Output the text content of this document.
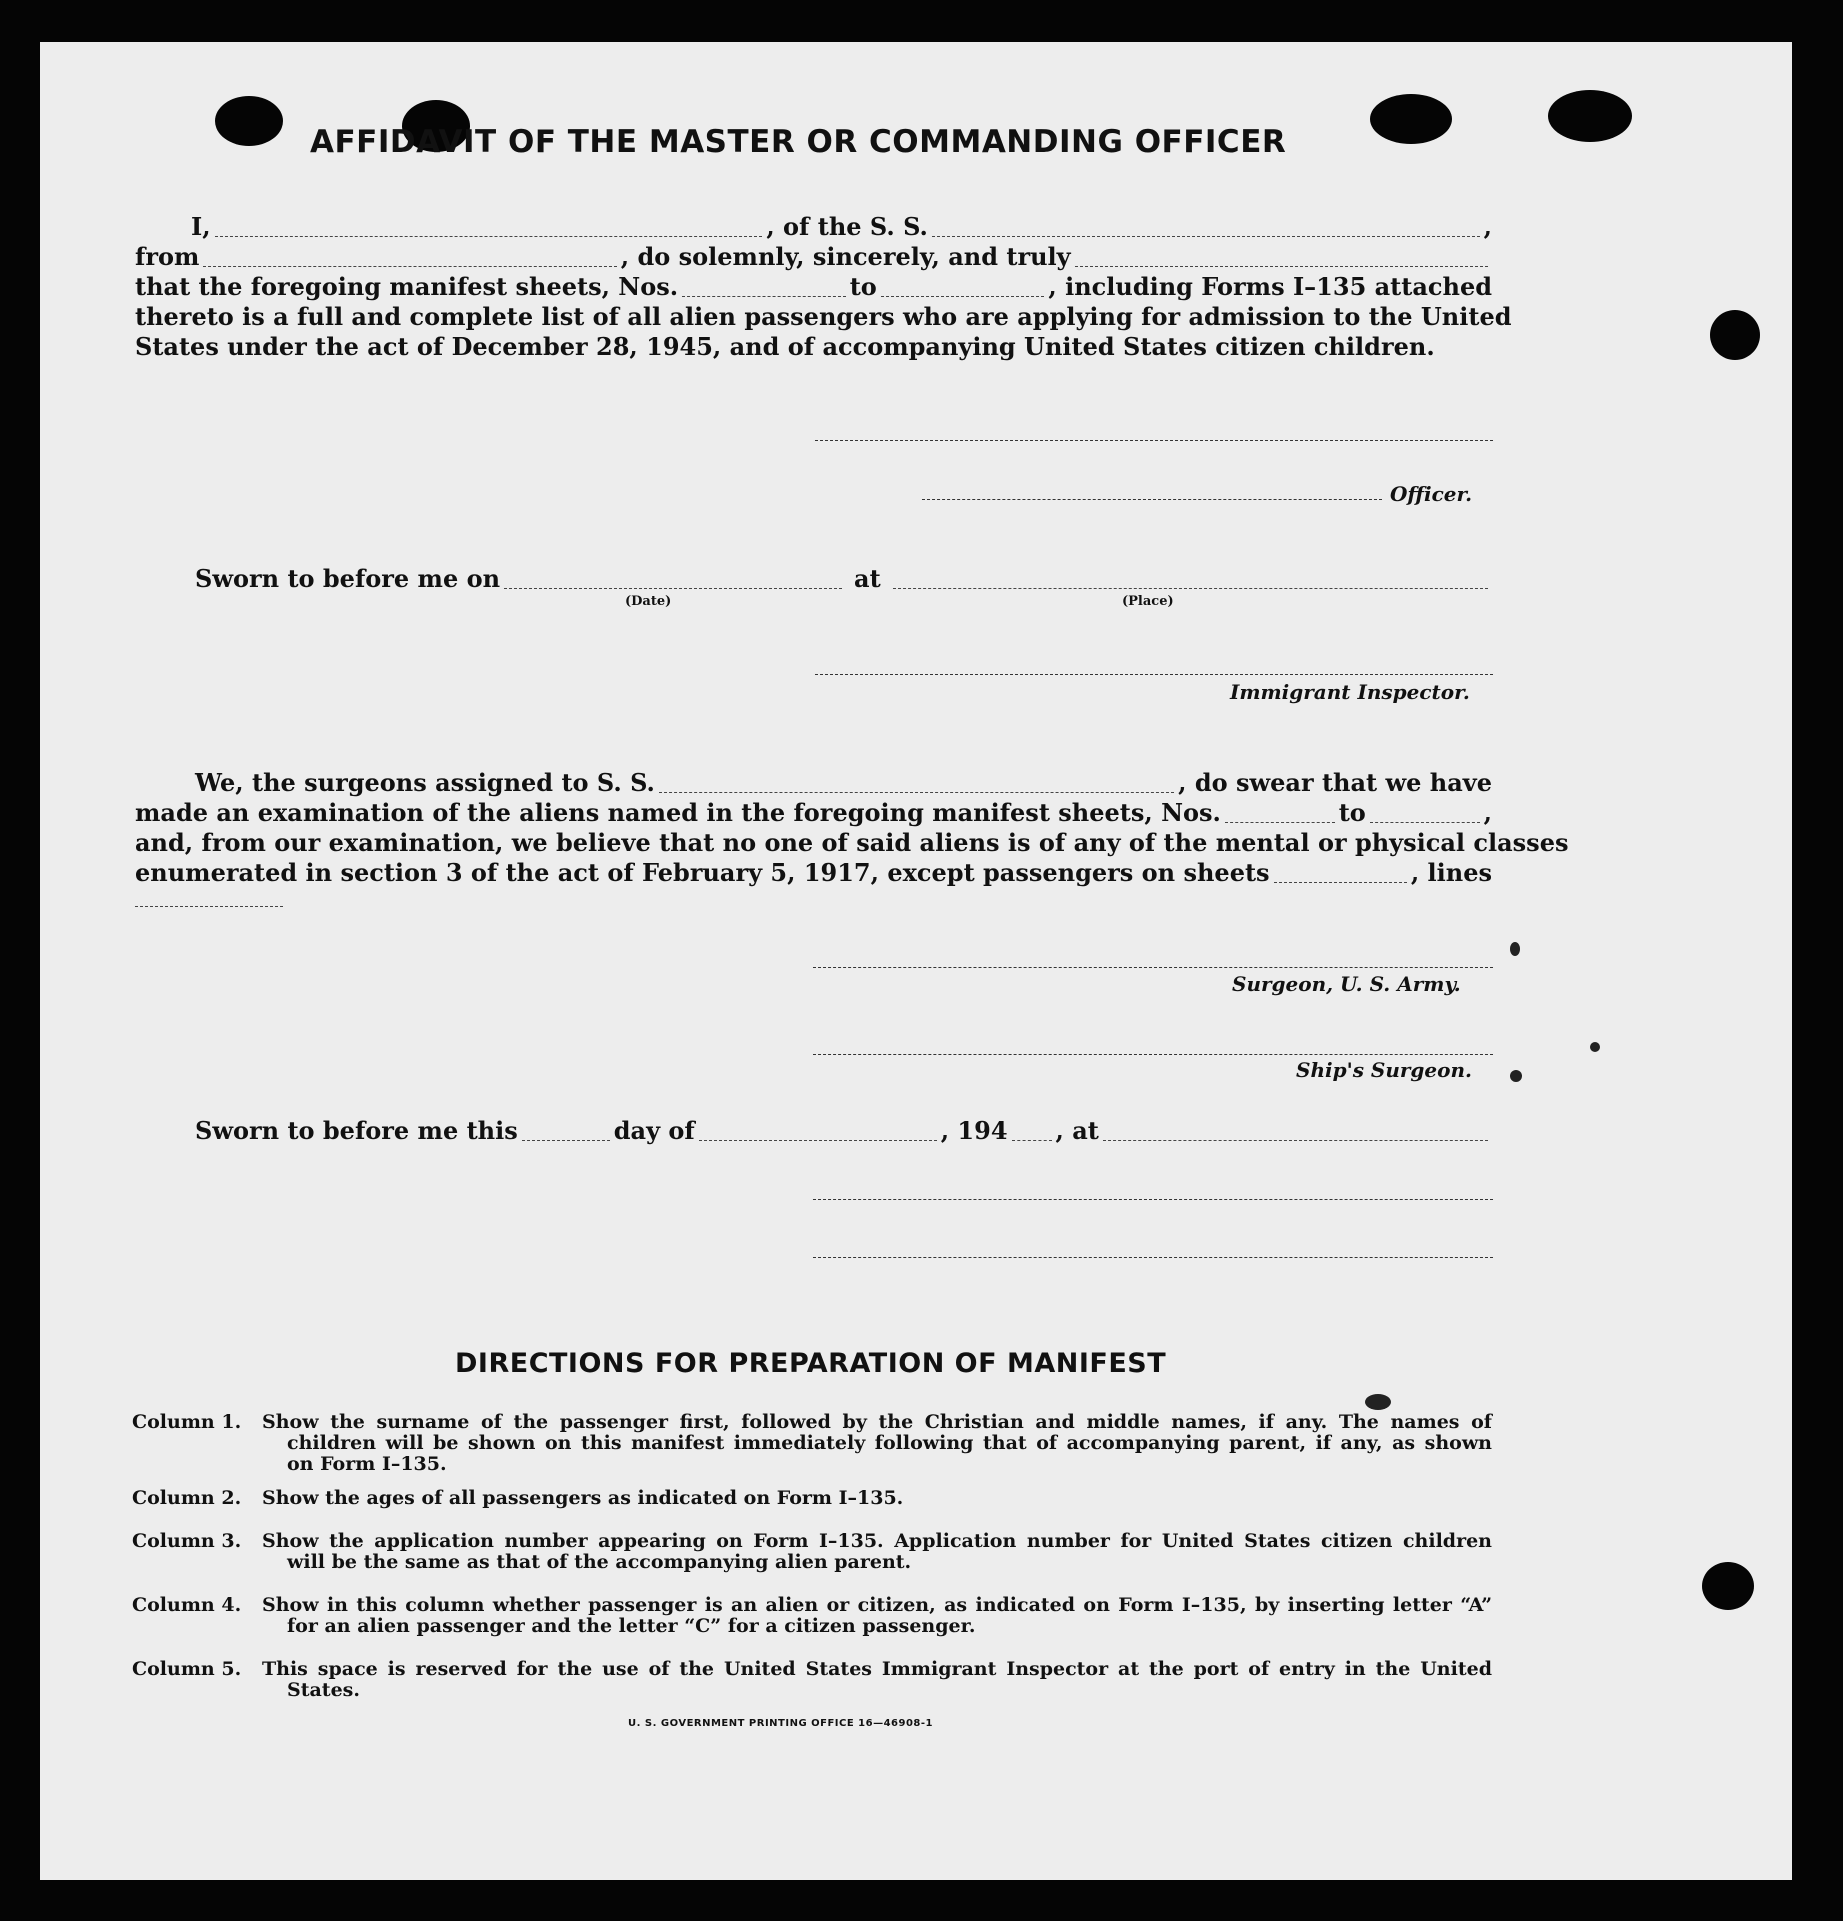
AFFIDAVIT OF THE MASTER OR COMMANDING OFFICER
I,	, of the S. S.	,
from	, do solemnly, sincerely, and truly
that the foregoing manifest sheets, Nos.	to	, including Forms I–135 attached
thereto is a full and complete list of all alien passengers who are applying for admission to the United
States under the act of December 28, 1945, and of accompanying United States citizen children.
Officer.
Sworn to before me on	at
(Date)	(Place)
Immigrant Inspector.
We, the surgeons assigned to S. S.	, do swear that we have
made an examination of the aliens named in the foregoing manifest sheets, Nos.	to	,
and, from our examination, we believe that no one of said aliens is of any of the mental or physical classes
enumerated in section 3 of the act of February 5, 1917, except passengers on sheets	, lines
Surgeon, U. S. Army.
Ship's Surgeon.
Sworn to before me this	day of	, 194 , at
DIRECTIONS FOR PREPARATION OF MANIFEST
Column 1.	Show the surname of the passenger first, followed by the Christian and middle names, if any. The names of
children will be shown on this manifest immediately following that of accompanying parent, if any, as shown
on Form I–135.
Column 2.	Show the ages of all passengers as indicated on Form I–135.
Column 3.	Show the application number appearing on Form I–135. Application number for United States citizen children
will be the same as that of the accompanying alien parent.
Column 4.	Show in this column whether passenger is an alien or citizen, as indicated on Form I–135, by inserting letter “A”
for an alien passenger and the letter “C” for a citizen passenger.
Column 5.	This space is reserved for the use of the United States Immigrant Inspector at the port of entry in the United
States.
U. S. GOVERNMENT PRINTING OFFICE 16—46908-1
